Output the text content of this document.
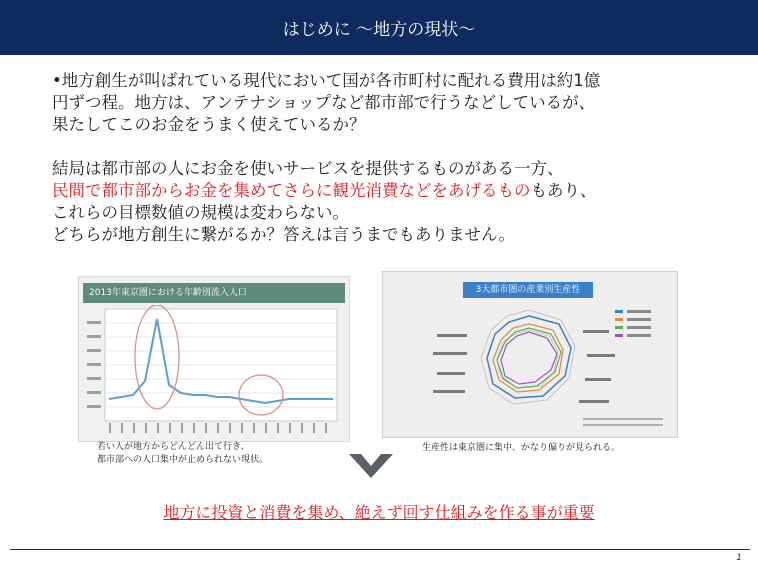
はじめに ～地方の現状～

•地方創生が叫ばれている現代において国が各市町村に配れる費用は約1億

円ずつ程。地方は、アンテナショップなど都市部で行うなどしているが、

果たしてこのお金をうまく使えているか？

結局は都市部の人にお金を使いサービスを提供するものがある一方、

民間で都市部からお金を集めてさらに観光消費などをあげるものもあり、

これらの目標数値の規模は変わらない。

どちらが地方創生に繋がるか？答えは言うまでもありません。

2013年東京圏における年齢別流入人口	3大都市圏の産業別生産性
若い人が地方からどんどん出て行き、
都市部への人口集中が止められない現状。
生産性は東京圏に集中、かなり偏りが見られる。
地方に投資と消費を集め、絶えず回す仕組みを作る事が重要
1
